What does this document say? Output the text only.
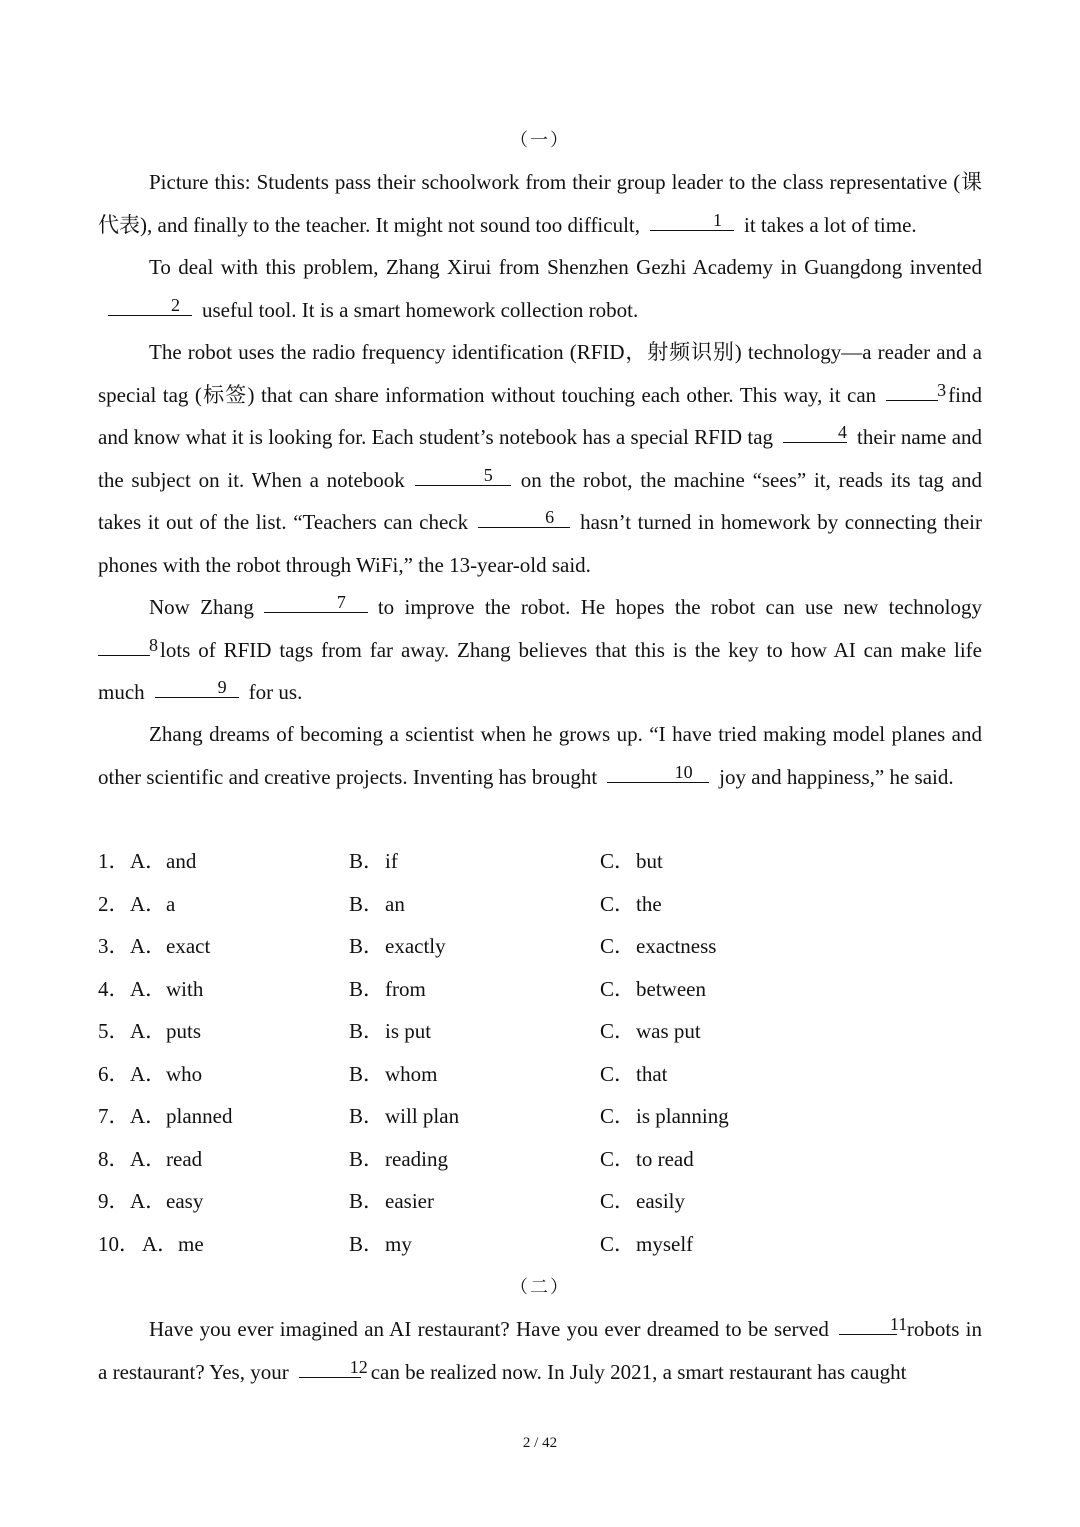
（一）

Picture this: Students pass their schoolwork from their group leader to the class representative (课代表), and finally to the teacher. It might not sound too difficult,	1 it takes a lot of time.

To deal with this problem, Zhang Xirui from Shenzhen Gezhi Academy in Guangdong invented2 useful tool. It is a smart homework collection robot.

The robot uses the radio frequency identification (RFID，射频识别) technology—a reader and a special tag (标签) that can share information without touching each other. This way, it can	3find and know what it is looking for. Each student’s notebook has a special RFID tag	4 their name and the subject on it. When a notebook	5 on the robot, the machine “sees” it, reads its tag and takes it out of the list. “Teachers can check	6 hasn’t turned in homework by connecting their phones with the robot through WiFi,” the 13-year-old said.

Now Zhang	7 to improve the robot. He hopes the robot can use new technology8lots of RFID tags from far away. Zhang believes that this is the key to how AI can make life much	9 for us.

Zhang dreams of becoming a scientist when he grows up. “I have tried making model planes and other scientific and creative projects. Inventing has brought	10 joy and happiness,” he said.

1． A．and	B．if	C．but
2． A．a	B．an	C．the
3． A．exact	B．exactly	C．exactness
4． A．with	B．from	C．between
5． A．puts	B．is put	C．was put
6． A．who	B．whom	C．that
7． A．planned	B．will plan	C．is planning
8． A．read	B．reading	C．to read
9． A．easy	B．easier	C．easily
10． A．me	B．my	C．myself
（二）

Have you ever imagined an AI restaurant? Have you ever dreamed to be served	11robots in a restaurant? Yes, your	12 can be realized now. In July 2021, a smart restaurant has caught

2 / 42
